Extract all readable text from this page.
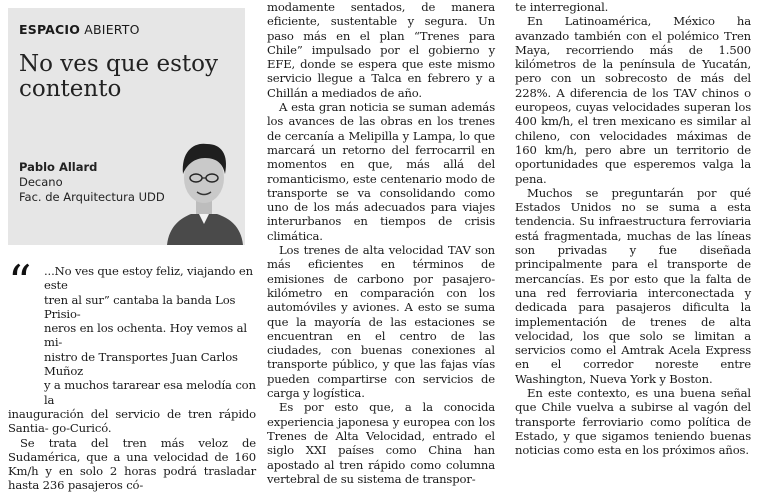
ESPACIO ABIERTO
No ves que estoy contento
Pablo Allard
Decano
Fac. de Arquitectura UDD
“ ...No ves que estoy feliz, viajando en este
tren al sur” cantaba la banda Los Prisio-
neros en los ochenta. Hoy vemos al mi-
nistro de Transportes Juan Carlos Muñoz
y a muchos tararear esa melodía con la

inauguración del servicio de tren rápido Santia- go-Curicó.

Se trata del tren más veloz de Sudamérica, que a una velocidad de 160 Km/h y en solo 2 horas podrá trasladar hasta 236 pasajeros có-

modamente sentados, de manera eficiente, sustentable y segura. Un paso más en el plan “Trenes para Chile” impulsado por el gobierno y EFE, donde se espera que este mismo servicio llegue a Talca en febrero y a Chillán a mediados de año.

A esta gran noticia se suman además los avances de las obras en los trenes de cercanía a Melipilla y Lampa, lo que marcará un retorno del ferrocarril en momentos en que, más allá del romanticismo, este centenario modo de transporte se va consolidando como uno de los más adecuados para viajes interurbanos en tiempos de crisis climática.

Los trenes de alta velocidad TAV son más eficientes en términos de emisiones de carbono por pasajero-kilómetro en comparación con los automóviles y aviones. A esto se suma que la mayoría de las estaciones se encuentran en el centro de las ciudades, con buenas conexiones al transporte público, y que las fajas vías pueden compartirse con servicios de carga y logística.

Es por esto que, a la conocida experiencia japonesa y europea con los Trenes de Alta Velocidad, entrado el siglo XXI países como China han apostado al tren rápido como columna vertebral de su sistema de transpor-

te interregional.

En Latinoamérica, México ha avanzado también con el polémico Tren Maya, recorriendo más de 1.500 kilómetros de la península de Yucatán, pero con un sobrecosto de más del 228%. A diferencia de los TAV chinos o europeos, cuyas velocidades superan los 400 km/h, el tren mexicano es similar al chileno, con velocidades máximas de 160 km/h, pero abre un territorio de oportunidades que esperemos valga la pena.

Muchos se preguntarán por qué Estados Unidos no se suma a esta tendencia. Su infraestructura ferroviaria está fragmentada, muchas de las líneas son privadas y fue diseñada principalmente para el transporte de mercancías. Es por esto que la falta de una red ferroviaria interconectada y dedicada para pasajeros dificulta la implementación de trenes de alta velocidad, los que solo se limitan a servicios como el Amtrak Acela Express en el corredor noreste entre Washington, Nueva York y Boston.

En este contexto, es una buena señal que Chile vuelva a subirse al vagón del transporte ferroviario como política de Estado, y que sigamos teniendo buenas noticias como esta en los próximos años.
